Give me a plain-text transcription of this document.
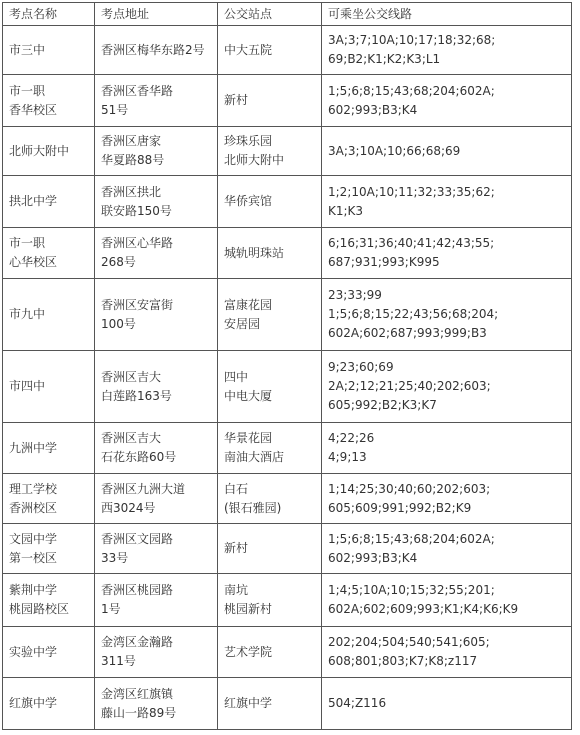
考点名称	考点地址	公交站点	可乘坐公交线路

市三中	香洲区梅华东路2号	中大五院	3A;3;7;10A;10;17;18;32;68;
69;B2;K1;K2;K3;L1

市一职
香华校区	香洲区香华路
51号	新村	1;5;6;8;15;43;68;204;602A;
602;993;B3;K4

北师大附中	香洲区唐家
华夏路88号	珍珠乐园
北师大附中	3A;3;10A;10;66;68;69

拱北中学	香洲区拱北
联安路150号	华侨宾馆	1;2;10A;10;11;32;33;35;62;
K1;K3

市一职
心华校区	香洲区心华路
268号	城轨明珠站	6;16;31;36;40;41;42;43;55;
687;931;993;K995

市九中	香洲区安富街
100号	富康花园
安居园	23;33;99
1;5;6;8;15;22;43;56;68;204;
602A;602;687;993;999;B3

市四中	香洲区吉大
白莲路163号	四中
中电大厦	9;23;60;69
2A;2;12;21;25;40;202;603;
605;992;B2;K3;K7

九洲中学	香洲区吉大
石花东路60号	华景花园
南油大酒店	4;22;26
4;9;13

理工学校
香洲校区	香洲区九洲大道
西3024号	白石
(银石雅园)	1;14;25;30;40;60;202;603;
605;609;991;992;B2;K9

文园中学
第一校区	香洲区文园路
33号	新村	1;5;6;8;15;43;68;204;602A;
602;993;B3;K4

紫荆中学
桃园路校区	香洲区桃园路
1号	南坑
桃园新村	1;4;5;10A;10;15;32;55;201;
602A;602;609;993;K1;K4;K6;K9

实验中学	金湾区金瀚路
311号	艺术学院	202;204;504;540;541;605;
608;801;803;K7;K8;z117

红旗中学	金湾区红旗镇
藤山一路89号	红旗中学	504;Z116
